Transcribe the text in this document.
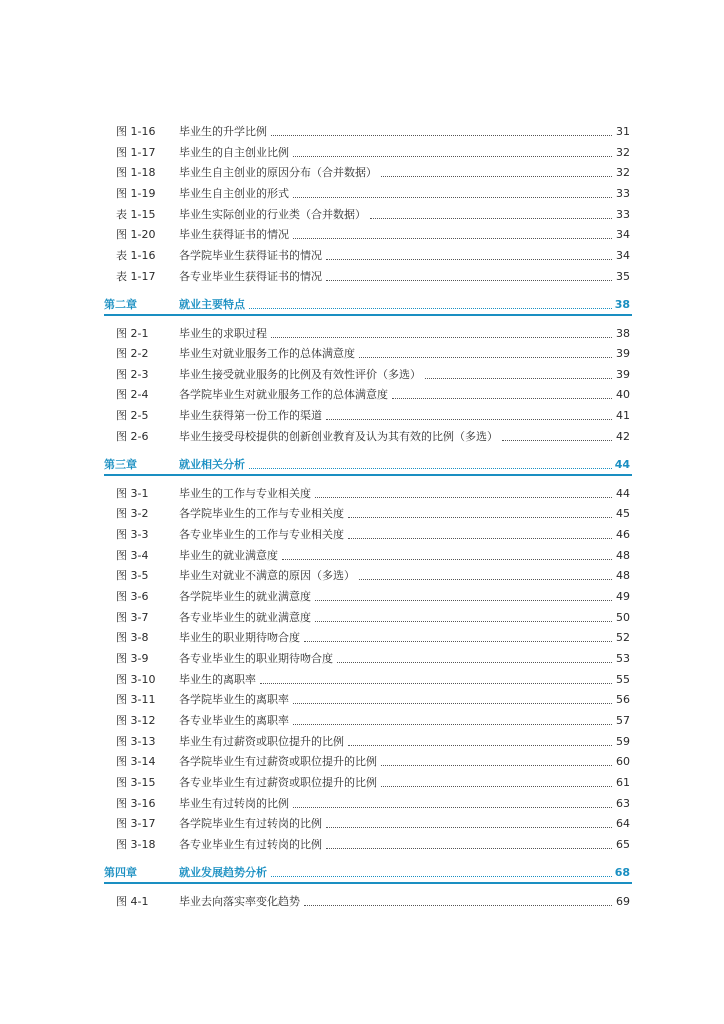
图 1-16 毕业生的升学比例	31
图 1-17 毕业生的自主创业比例	32
图 1-18 毕业生自主创业的原因分布（合并数据）	32
图 1-19 毕业生自主创业的形式	33
表 1-15 毕业生实际创业的行业类（合并数据）	33
图 1-20 毕业生获得证书的情况	34
表 1-16 各学院毕业生获得证书的情况	34
表 1-17 各专业毕业生获得证书的情况	35
第二章	就业主要特点	38
图 2-1	毕业生的求职过程	38
图 2-2	毕业生对就业服务工作的总体满意度	39
图 2-3	毕业生接受就业服务的比例及有效性评价（多选）	39
图 2-4	各学院毕业生对就业服务工作的总体满意度	40
图 2-5	毕业生获得第一份工作的渠道	41
图 2-6	毕业生接受母校提供的创新创业教育及认为其有效的比例（多选）	42
第三章	就业相关分析	44
图 3-1	毕业生的工作与专业相关度	44
图 3-2	各学院毕业生的工作与专业相关度	45
图 3-3	各专业毕业生的工作与专业相关度	46
图 3-4	毕业生的就业满意度	48
图 3-5	毕业生对就业不满意的原因（多选）	48
图 3-6	各学院毕业生的就业满意度	49
图 3-7	各专业毕业生的就业满意度	50
图 3-8	毕业生的职业期待吻合度	52
图 3-9	各专业毕业生的职业期待吻合度	53
图 3-10 毕业生的离职率	55
图 3-11 各学院毕业生的离职率	56
图 3-12 各专业毕业生的离职率	57
图 3-13 毕业生有过薪资或职位提升的比例	59
图 3-14 各学院毕业生有过薪资或职位提升的比例	60
图 3-15 各专业毕业生有过薪资或职位提升的比例	61
图 3-16 毕业生有过转岗的比例	63
图 3-17 各学院毕业生有过转岗的比例	64
图 3-18 各专业毕业生有过转岗的比例	65
第四章	就业发展趋势分析	68
图 4-1	毕业去向落实率变化趋势	69
